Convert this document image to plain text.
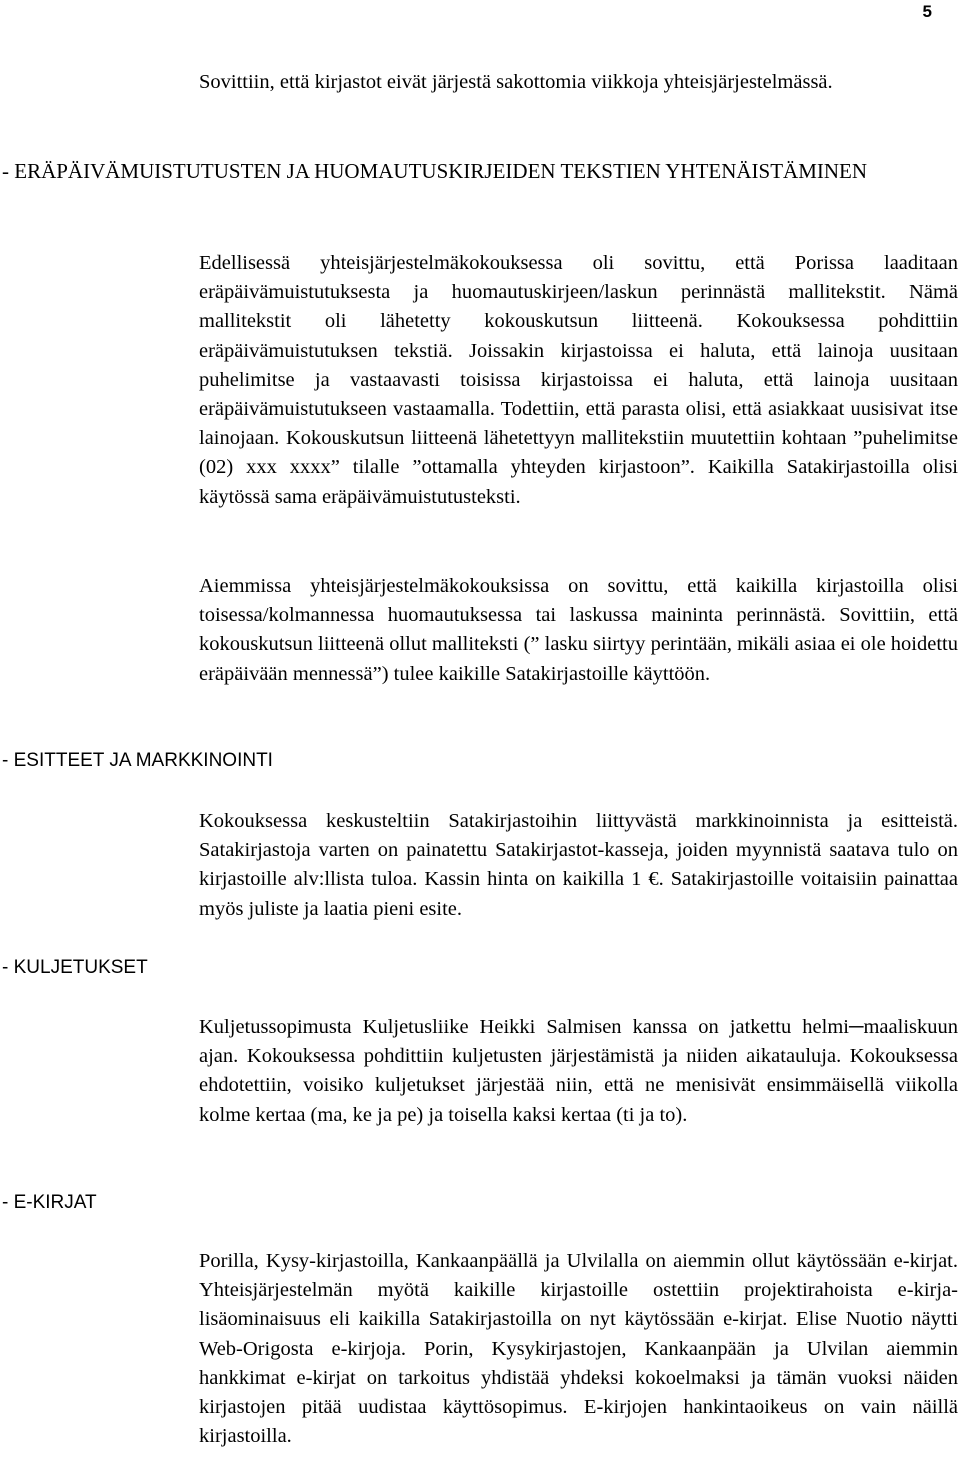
5

Sovittiin, että kirjastot eivät järjestä sakottomia viikkoja yhteisjärjestelmässä.

- ERÄPÄIVÄMUISTUTUSTEN JA HUOMAUTUSKIRJEIDEN TEKSTIEN YHTENÄISTÄMINEN

Edellisessä yhteisjärjestelmäkokouksessa oli sovittu, että Porissa laaditaan eräpäivämuistutuksesta ja huomautuskirjeen/laskun perinnästä mallitekstit. Nämä mallitekstit oli lähetetty kokouskutsun liitteenä. Kokouksessa pohdittiin eräpäivämuistutuksen tekstiä. Joissakin kirjastoissa ei haluta, että lainoja uusitaan puhelimitse ja vastaavasti toisissa kirjastoissa ei haluta, että lainoja uusitaan eräpäivämuistutukseen vastaamalla. Todettiin, että parasta olisi, että asiakkaat uusisivat itse lainojaan. Kokouskutsun liitteenä lähetettyyn mallitekstiin muutettiin kohtaan ”puhelimitse (02) xxx xxxx” tilalle ”ottamalla yhteyden kirjastoon”. Kaikilla Satakirjastoilla olisi käytössä sama eräpäivämuistutusteksti.

Aiemmissa yhteisjärjestelmäkokouksissa on sovittu, että kaikilla kirjastoilla olisi toisessa/kolmannessa huomautuksessa tai laskussa maininta perinnästä. Sovittiin, että kokouskutsun liitteenä ollut malliteksti (” lasku siirtyy perintään, mikäli asiaa ei ole hoidettu eräpäivään mennessä”) tulee kaikille Satakirjastoille käyttöön.

- ESITTEET JA MARKKINOINTI

Kokouksessa keskusteltiin Satakirjastoihin liittyvästä markkinoinnista ja esitteistä. Satakirjastoja varten on painatettu Satakirjastot-kasseja, joiden myynnistä saatava tulo on kirjastoille alv:llista tuloa. Kassin hinta on kaikilla 1 €. Satakirjastoille voitaisiin painattaa myös juliste ja laatia pieni esite.

- KULJETUKSET

Kuljetussopimusta Kuljetusliike Heikki Salmisen kanssa on jatkettu helmi─maaliskuun ajan. Kokouksessa pohdittiin kuljetusten järjestämistä ja niiden aikatauluja. Kokouksessa ehdotettiin, voisiko kuljetukset järjestää niin, että ne menisivät ensimmäisellä viikolla kolme kertaa (ma, ke ja pe) ja toisella kaksi kertaa (ti ja to).

- E-KIRJAT

Porilla, Kysy-kirjastoilla, Kankaanpäällä ja Ulvilalla on aiemmin ollut käytössään e-kirjat. Yhteisjärjestelmän myötä kaikille kirjastoille ostettiin projektirahoista e-kirja-lisäominaisuus eli kaikilla Satakirjastoilla on nyt käytössään e-kirjat. Elise Nuotio näytti Web-Origosta e-kirjoja. Porin, Kysykirjastojen, Kankaanpään ja Ulvilan aiemmin hankkimat e-kirjat on tarkoitus yhdistää yhdeksi kokoelmaksi ja tämän vuoksi näiden kirjastojen pitää uudistaa käyttösopimus. E-kirjojen hankintaoikeus on vain näillä kirjastoilla.
